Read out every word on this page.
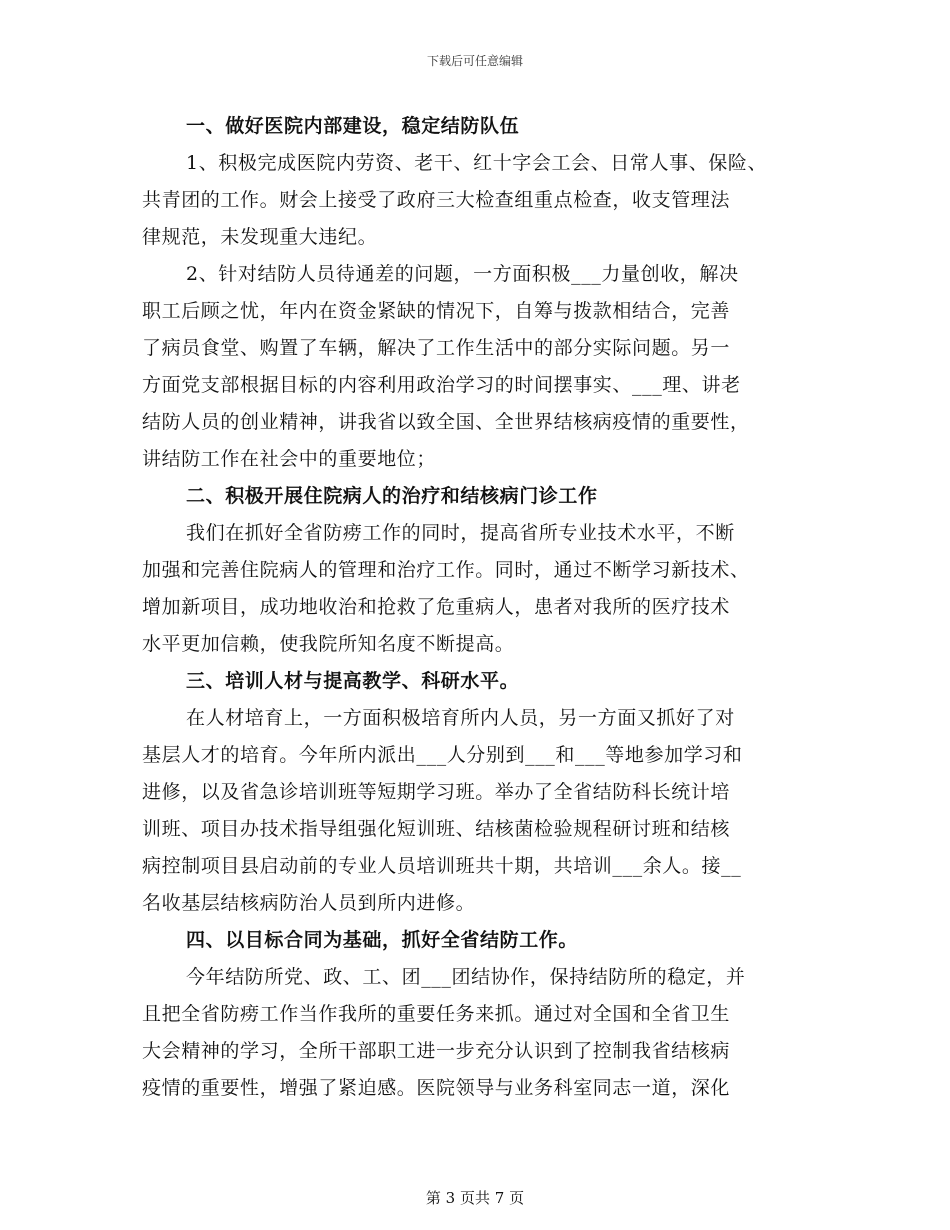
下载后可任意编辑
一、做好医院内部建设，稳定结防队伍
1、积极完成医院内劳资、老干、红十字会工会、日常人事、保险、
共青团的工作。财会上接受了政府三大检查组重点检查，收支管理法
律规范，未发现重大违纪。
2、针对结防人员待通差的问题，一方面积极___力量创收，解决
职工后顾之忧，年内在资金紧缺的情况下，自筹与拨款相结合，完善
了病员食堂、购置了车辆，解决了工作生活中的部分实际问题。另一
方面党支部根据目标的内容利用政治学习的时间摆事实、___理、讲老
结防人员的创业精神，讲我省以致全国、全世界结核病疫情的重要性，
讲结防工作在社会中的重要地位；
二、积极开展住院病人的治疗和结核病门诊工作
我们在抓好全省防痨工作的同时，提高省所专业技术水平，不断
加强和完善住院病人的管理和治疗工作。同时，通过不断学习新技术、
增加新项目，成功地收治和抢救了危重病人，患者对我所的医疗技术
水平更加信赖，使我院所知名度不断提高。
三、培训人材与提高教学、科研水平。
在人材培育上，一方面积极培育所内人员，另一方面又抓好了对
基层人才的培育。今年所内派出___人分别到___和___等地参加学习和
进修，以及省急诊培训班等短期学习班。举办了全省结防科长统计培
训班、项目办技术指导组强化短训班、结核菌检验规程研讨班和结核
病控制项目县启动前的专业人员培训班共十期，共培训___余人。接__
名收基层结核病防治人员到所内进修。
四、以目标合同为基础，抓好全省结防工作。
今年结防所党、政、工、团___团结协作，保持结防所的稳定，并
且把全省防痨工作当作我所的重要任务来抓。通过对全国和全省卫生
大会精神的学习，全所干部职工进一步充分认识到了控制我省结核病
疫情的重要性，增强了紧迫感。医院领导与业务科室同志一道，深化
第 3 页共 7 页
